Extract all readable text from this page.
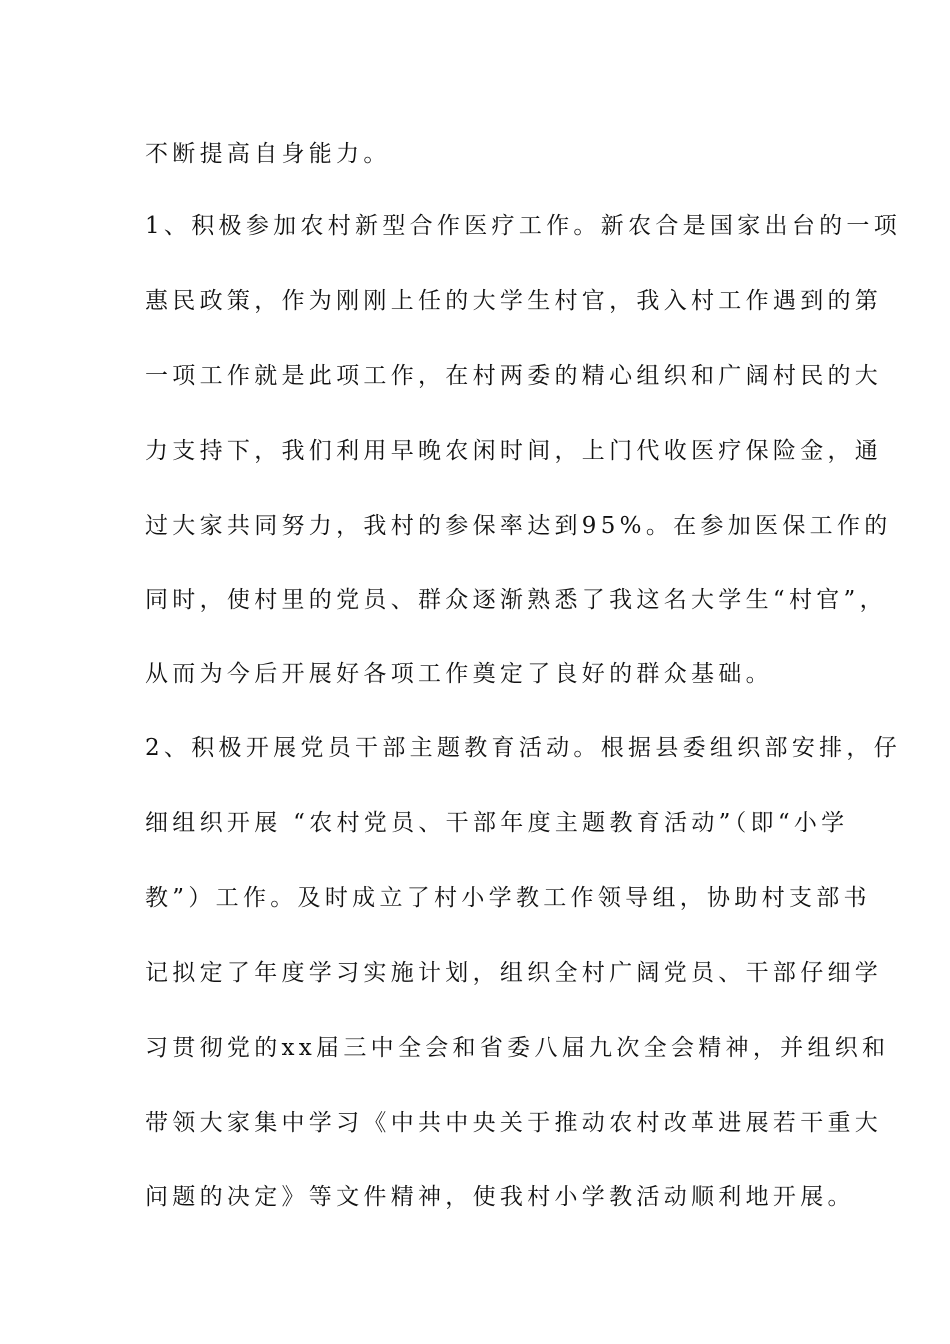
不断提高自身能力。
1、积极参加农村新型合作医疗工作。新农合是国家出台的一项
惠民政策，作为刚刚上任的大学生村官，我入村工作遇到的第
一项工作就是此项工作，在村两委的精心组织和广阔村民的大
力支持下，我们利用早晚农闲时间，上门代收医疗保险金，通
过大家共同努力，我村的参保率达到95%。在参加医保工作的
同时，使村里的党员、群众逐渐熟悉了我这名大学生“村官”，
从而为今后开展好各项工作奠定了良好的群众基础。
2、积极开展党员干部主题教育活动。根据县委组织部安排，仔
细组织开展 “农村党员、干部年度主题教育活动”（即“小学
教”）工作。及时成立了村小学教工作领导组，协助村支部书
记拟定了年度学习实施计划，组织全村广阔党员、干部仔细学
习贯彻党的xx届三中全会和省委八届九次全会精神，并组织和
带领大家集中学习《中共中央关于推动农村改革进展若干重大
问题的决定》等文件精神，使我村小学教活动顺利地开展。
